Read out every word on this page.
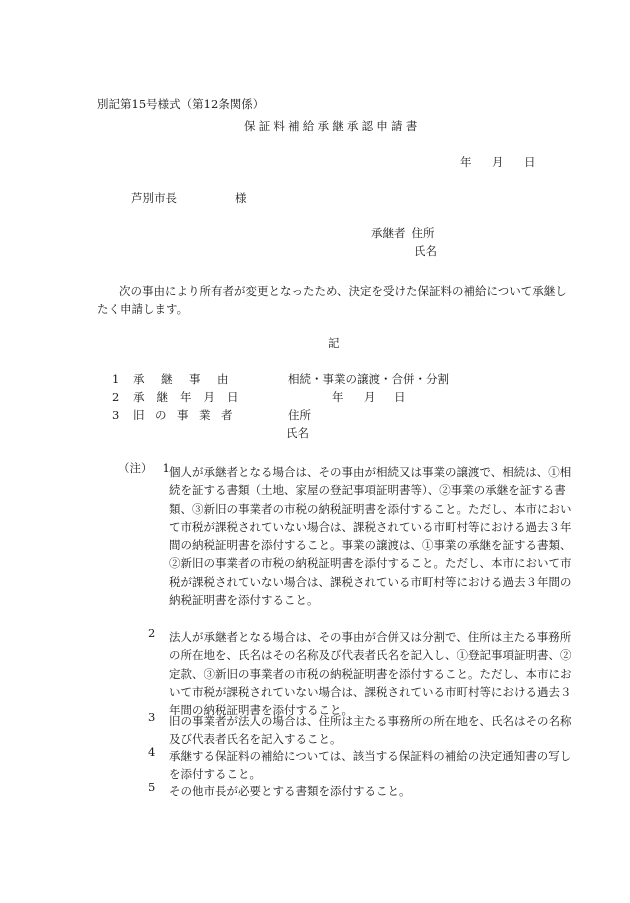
別記第15号様式（第12条関係）
保証料補給承継承認申請書
年 月 日
芦別市長	様
承継者 住所
氏名
次の事由により所有者が変更となったため、決定を受けた保証料の補給について承継したく申請します。
記
1 承継事由	相続・事業の譲渡・合併・分割
2 承継年月日	年 月 日
3 旧の事業者	住所
氏名
（注） 1 個人が承継者となる場合は、その事由が相続又は事業の譲渡で、相続は、①相続を証する書類（土地、家屋の登記事項証明書等）、②事業の承継を証する書類、③新旧の事業者の市税の納税証明書を添付すること。ただし、本市において市税が課税されていない場合は、課税されている市町村等における過去３年間の納税証明書を添付すること。事業の譲渡は、①事業の承継を証する書類、②新旧の事業者の市税の納税証明書を添付すること。ただし、本市において市税が課税されていない場合は、課税されている市町村等における過去３年間の納税証明書を添付すること。
2 法人が承継者となる場合は、その事由が合併又は分割で、住所は主たる事務所の所在地を、氏名はその名称及び代表者氏名を記入し、①登記事項証明書、②定款、③新旧の事業者の市税の納税証明書を添付すること。ただし、本市において市税が課税されていない場合は、課税されている市町村等における過去３年間の納税証明書を添付すること。
3 旧の事業者が法人の場合は、住所は主たる事務所の所在地を、氏名はその名称及び代表者氏名を記入すること。
4 承継する保証料の補給については、該当する保証料の補給の決定通知書の写しを添付すること。
5 その他市長が必要とする書類を添付すること。
